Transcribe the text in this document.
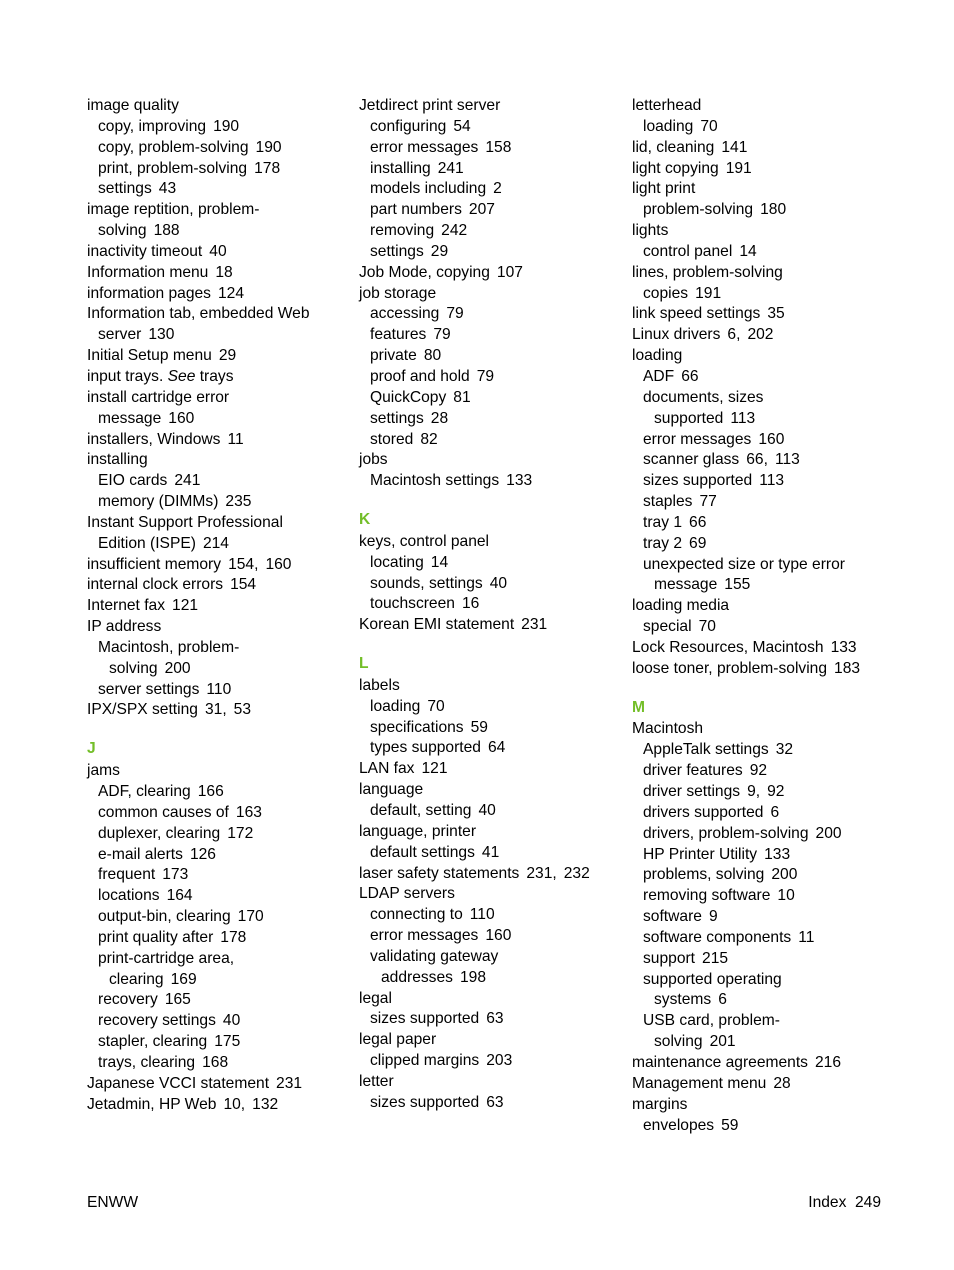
image quality
copy, improving 190
copy, problem-solving 190
print, problem-solving 178
settings 43
image reptition, problem-
solving 188
inactivity timeout 40
Information menu 18
information pages 124
Information tab, embedded Web
server 130
Initial Setup menu 29
input trays. See trays
install cartridge error
message 160
installers, Windows 11
installing
EIO cards 241
memory (DIMMs) 235
Instant Support Professional
Edition (ISPE) 214
insufficient memory 154, 160
internal clock errors 154
Internet fax 121
IP address
Macintosh, problem-
solving 200
server settings 110
IPX/SPX setting 31, 53
J
jams
ADF, clearing 166
common causes of 163
duplexer, clearing 172
e-mail alerts 126
frequent 173
locations 164
output-bin, clearing 170
print quality after 178
print-cartridge area,
clearing 169
recovery 165
recovery settings 40
stapler, clearing 175
trays, clearing 168
Japanese VCCI statement 231
Jetadmin, HP Web 10, 132
Jetdirect print server
configuring 54
error messages 158
installing 241
models including 2
part numbers 207
removing 242
settings 29
Job Mode, copying 107
job storage
accessing 79
features 79
private 80
proof and hold 79
QuickCopy 81
settings 28
stored 82
jobs
Macintosh settings 133
K
keys, control panel
locating 14
sounds, settings 40
touchscreen 16
Korean EMI statement 231
L
labels
loading 70
specifications 59
types supported 64
LAN fax 121
language
default, setting 40
language, printer
default settings 41
laser safety statements 231, 232
LDAP servers
connecting to 110
error messages 160
validating gateway
addresses 198
legal
sizes supported 63
legal paper
clipped margins 203
letter
sizes supported 63
letterhead
loading 70
lid, cleaning 141
light copying 191
light print
problem-solving 180
lights
control panel 14
lines, problem-solving
copies 191
link speed settings 35
Linux drivers 6, 202
loading
ADF 66
documents, sizes
supported 113
error messages 160
scanner glass 66, 113
sizes supported 113
staples 77
tray 1 66
tray 2 69
unexpected size or type error
message 155
loading media
special 70
Lock Resources, Macintosh 133
loose toner, problem-solving 183
M
Macintosh
AppleTalk settings 32
driver features 92
driver settings 9, 92
drivers supported 6
drivers, problem-solving 200
HP Printer Utility 133
problems, solving 200
removing software 10
software 9
software components 11
support 215
supported operating
systems 6
USB card, problem-
solving 201
maintenance agreements 216
Management menu 28
margins
envelopes 59
ENWW	Index 249
